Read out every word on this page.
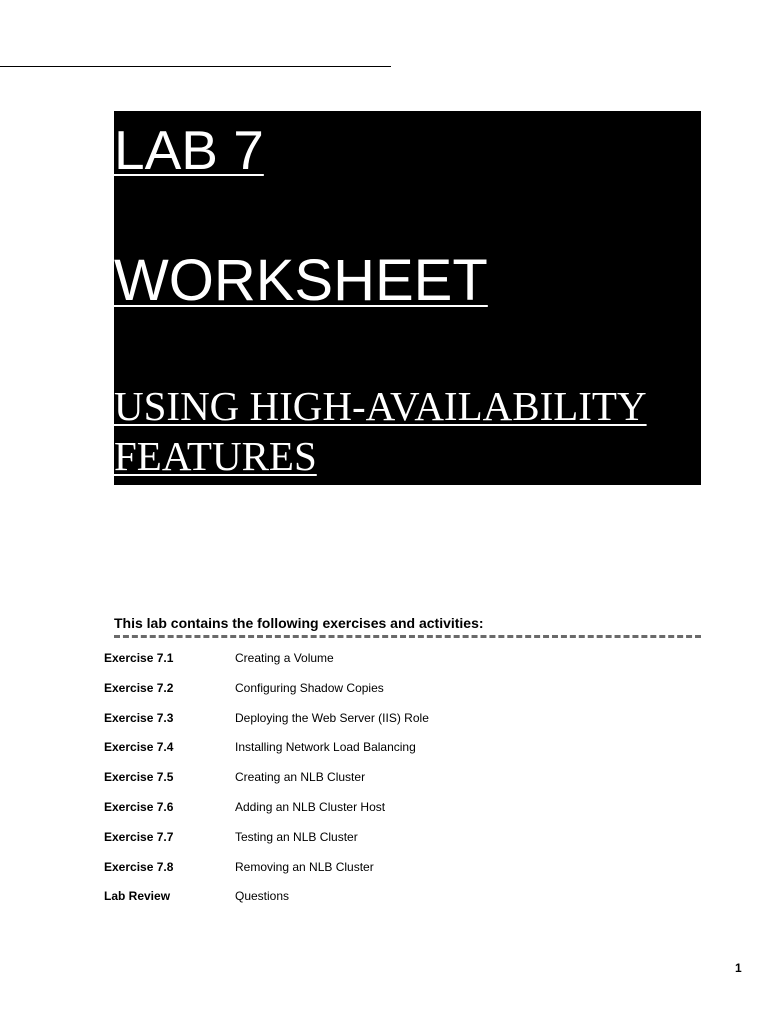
LAB 7
WORKSHEET
USING HIGH-AVAILABILITY FEATURES
This lab contains the following exercises and activities:
Exercise 7.1	Creating a Volume
Exercise 7.2	Configuring Shadow Copies
Exercise 7.3	Deploying the Web Server (IIS) Role
Exercise 7.4	Installing Network Load Balancing
Exercise 7.5	Creating an NLB Cluster
Exercise 7.6	Adding an NLB Cluster Host
Exercise 7.7	Testing an NLB Cluster
Exercise 7.8	Removing an NLB Cluster
Lab Review	Questions
1
